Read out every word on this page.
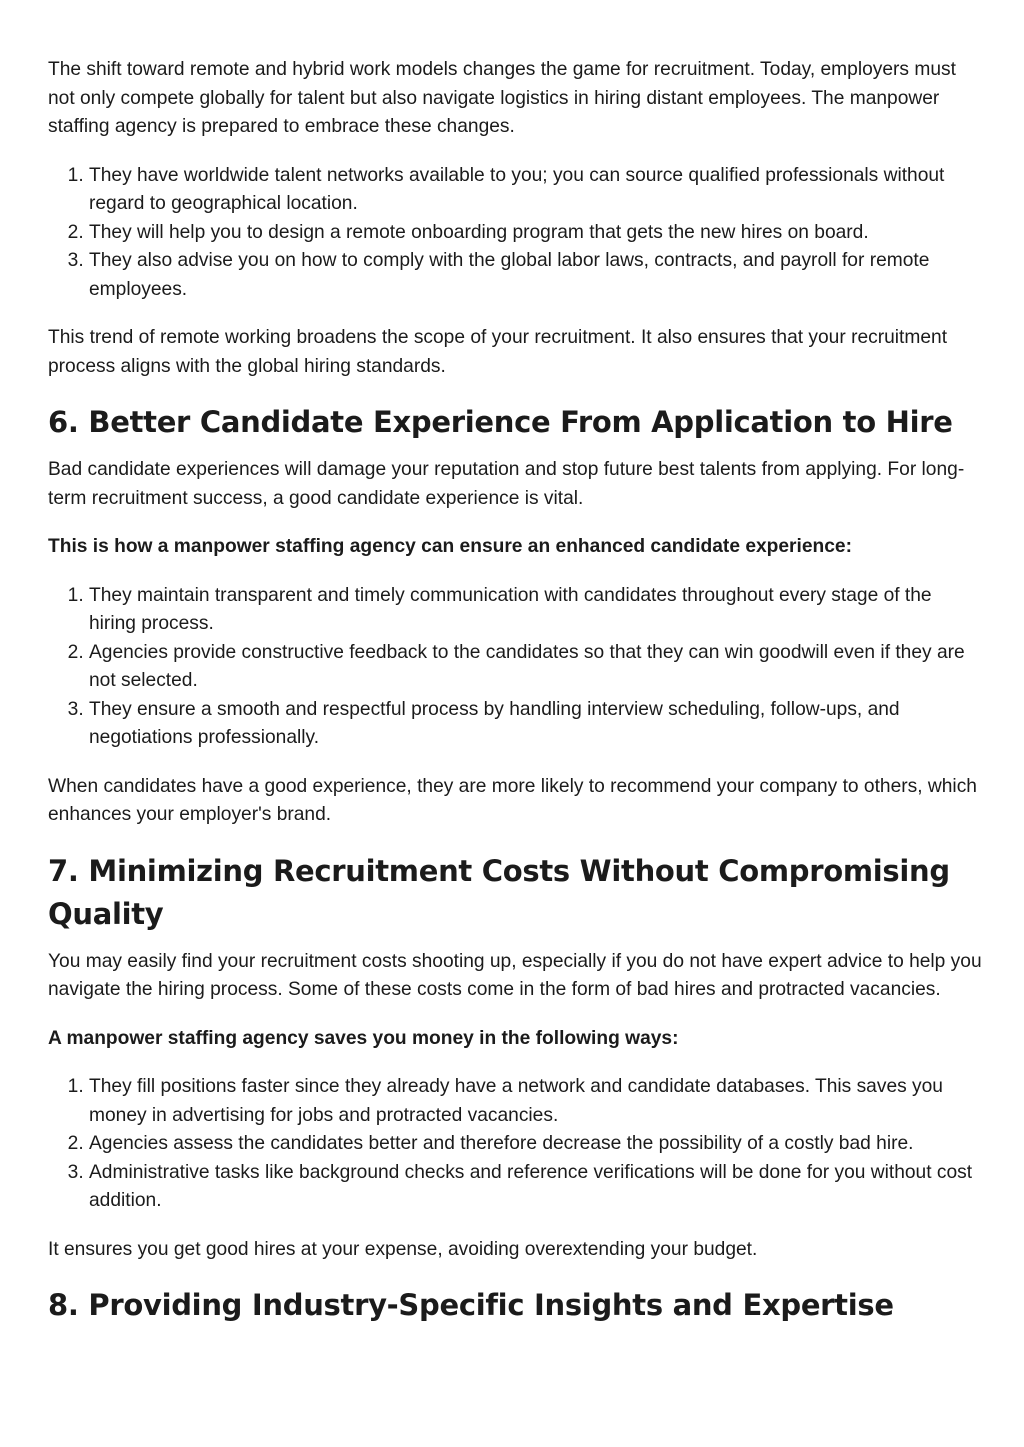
The shift toward remote and hybrid work models changes the game for recruitment. Today, employers must not only compete globally for talent but also navigate logistics in hiring distant employees. The manpower staffing agency is prepared to embrace these changes.

1. They have worldwide talent networks available to you; you can source qualified professionals without regard to geographical location.
2. They will help you to design a remote onboarding program that gets the new hires on board.
3. They also advise you on how to comply with the global labor laws, contracts, and payroll for remote employees.

This trend of remote working broadens the scope of your recruitment. It also ensures that your recruitment process aligns with the global hiring standards.

6. Better Candidate Experience From Application to Hire

Bad candidate experiences will damage your reputation and stop future best talents from applying. For long-term recruitment success, a good candidate experience is vital.

This is how a manpower staffing agency can ensure an enhanced candidate experience:

1. They maintain transparent and timely communication with candidates throughout every stage of the hiring process.
2. Agencies provide constructive feedback to the candidates so that they can win goodwill even if they are not selected.
3. They ensure a smooth and respectful process by handling interview scheduling, follow-ups, and negotiations professionally.

When candidates have a good experience, they are more likely to recommend your company to others, which enhances your employer's brand.

7. Minimizing Recruitment Costs Without Compromising Quality

You may easily find your recruitment costs shooting up, especially if you do not have expert advice to help you navigate the hiring process. Some of these costs come in the form of bad hires and protracted vacancies.

A manpower staffing agency saves you money in the following ways:

1. They fill positions faster since they already have a network and candidate databases. This saves you money in advertising for jobs and protracted vacancies.
2. Agencies assess the candidates better and therefore decrease the possibility of a costly bad hire.
3. Administrative tasks like background checks and reference verifications will be done for you without cost addition.

It ensures you get good hires at your expense, avoiding overextending your budget.

8. Providing Industry-Specific Insights and Expertise
